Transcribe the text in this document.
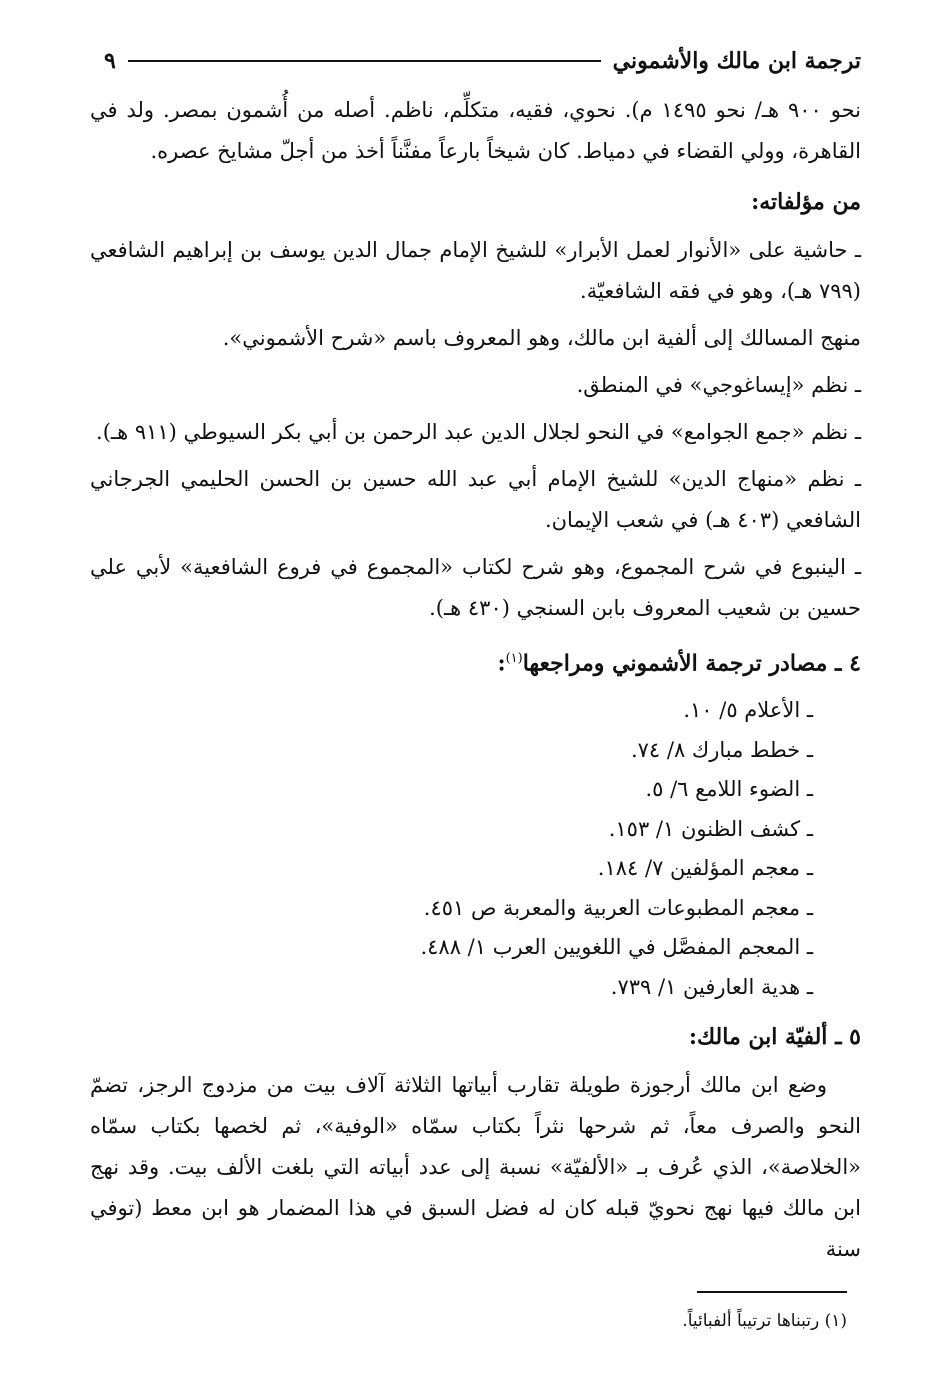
ترجمة ابن مالك والأشموني
٩

نحو ٩٠٠ هـ/ نحو ١٤٩٥ م). نحوي، فقيه، متكلِّم، ناظم. أصله من أُشمون بمصر. ولد في القاهرة، وولي القضاء في دمياط. كان شيخاً بارعاً مفنَّناً أخذ من أجلّ مشايخ عصره.

من مؤلفاته:

ـ حاشية على «الأنوار لعمل الأبرار» للشيخ الإمام جمال الدين يوسف بن إبراهيم الشافعي (٧٩٩ هـ)، وهو في فقه الشافعيّة.

منهج المسالك إلى ألفية ابن مالك، وهو المعروف باسم «شرح الأشموني».

ـ نظم «إيساغوجي» في المنطق.

ـ نظم «جمع الجوامع» في النحو لجلال الدين عبد الرحمن بن أبي بكر السيوطي (٩١١ هـ).

ـ نظم «منهاج الدين» للشيخ الإمام أبي عبد الله حسين بن الحسن الحليمي الجرجاني الشافعي (٤٠٣ هـ) في شعب الإيمان.

ـ الينبوع في شرح المجموع، وهو شرح لكتاب «المجموع في فروع الشافعية» لأبي علي حسين بن شعيب المعروف بابن السنجي (٤٣٠ هـ).

٤ ـ مصادر ترجمة الأشموني ومراجعها$^{(١)}$:
ـ الأعلام ٥/ ١٠.
ـ خطط مبارك ٨/ ٧٤.
ـ الضوء اللامع ٦/ ٥.
ـ كشف الظنون ١/ ١٥٣.
ـ معجم المؤلفين ٧/ ١٨٤.
ـ معجم المطبوعات العربية والمعربة ص ٤٥١.
ـ المعجم المفصَّل في اللغويين العرب ١/ ٤٨٨.
ـ هدية العارفين ١/ ٧٣٩.
٥ ـ ألفيّة ابن مالك:

وضع ابن مالك أرجوزة طويلة تقارب أبياتها الثلاثة آلاف بيت من مزدوج الرجز، تضمّ النحو والصرف معاً، ثم شرحها نثراً بكتاب سمّاه «الوفية»، ثم لخصها بكتاب سمّاه «الخلاصة»، الذي عُرف بـ «الألفيّة» نسبة إلى عدد أبياته التي بلغت الألف بيت. وقد نهج ابن مالك فيها نهج نحويّ قبله كان له فضل السبق في هذا المضمار هو ابن معط (توفي سنة

(١) رتبناها ترتيباً ألفبائياً.
